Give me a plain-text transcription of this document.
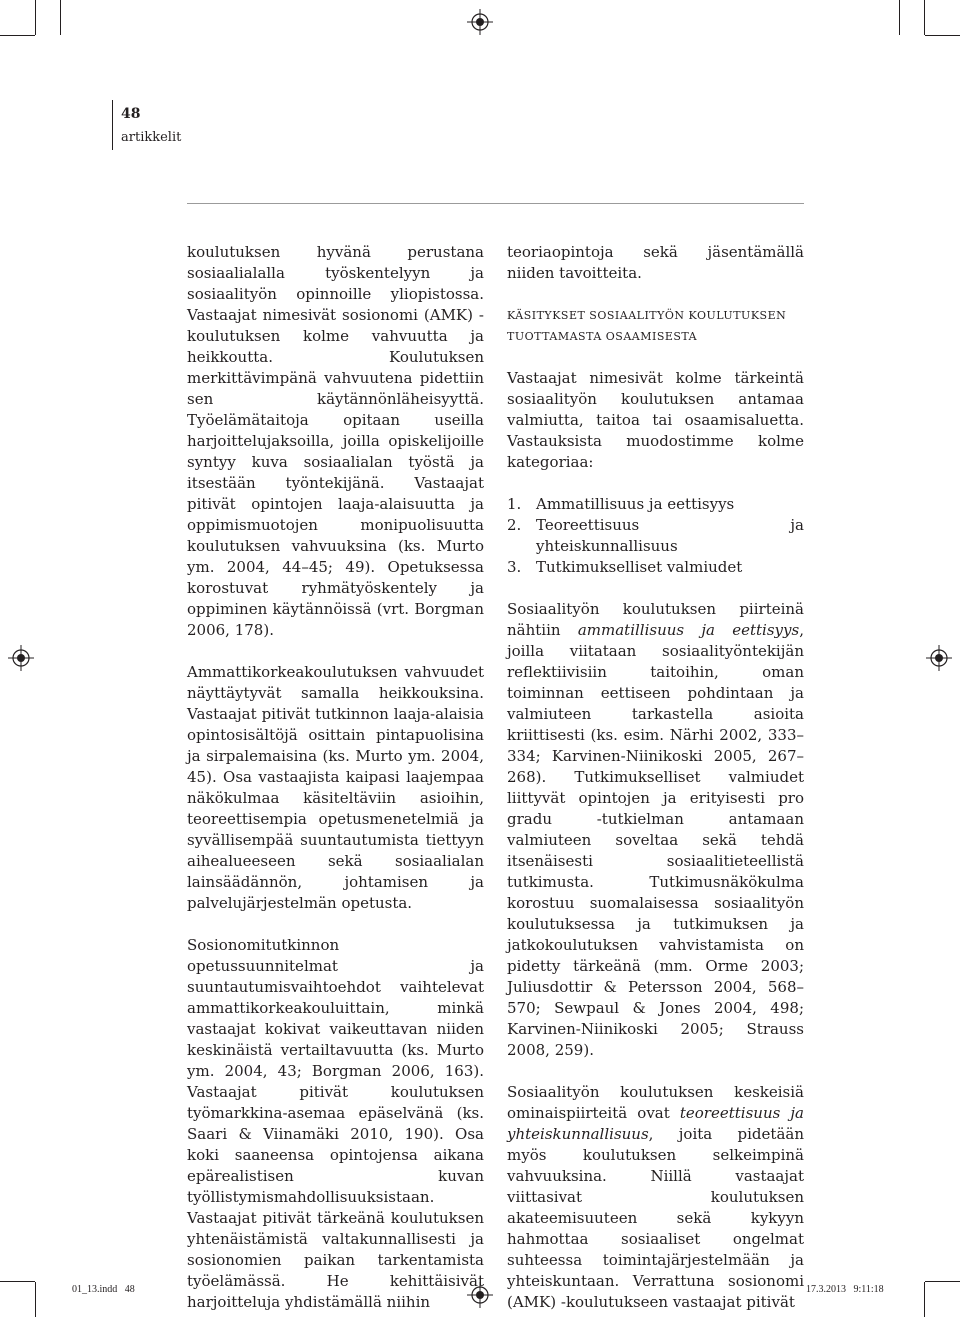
48
artikkelit

koulutuksen hyvänä perustana sosiaalialalla työskentelyyn ja sosiaalityön opinnoille yliopistossa. Vastaajat nimesivät sosionomi (AMK) -koulutuksen kolme vahvuutta ja heikkoutta. Koulutuksen merkittävimpänä vahvuutena pidettiin sen käytännönläheisyyttä. Työelämätaitoja opitaan useilla harjoittelujaksoilla, joilla opiskelijoille syntyy kuva sosiaalialan työstä ja itsestään työntekijänä. Vastaajat pitivät opintojen laaja-alaisuutta ja oppimismuotojen monipuolisuutta koulutuksen vahvuuksina (ks. Murto ym. 2004, 44–45; 49). Opetuksessa korostuvat ryhmätyöskentely ja oppiminen käytännöissä (vrt. Borgman 2006, 178).

Ammattikorkeakoulutuksen vahvuudet näyttäytyvät samalla heikkouksina. Vastaajat pitivät tutkinnon laaja-alaisia opintosisältöjä osittain pintapuolisina ja sirpalemaisina (ks. Murto ym. 2004, 45). Osa vastaajista kaipasi laajempaa näkökulmaa käsiteltäviin asioihin, teoreettisempia opetusmenetelmiä ja syvällisempää suuntautumista tiettyyn aihealueeseen sekä sosiaalialan lainsäädännön, johtamisen ja palvelujärjestelmän opetusta.

Sosionomitutkinnon opetussuunnitelmat ja suuntautumisvaihtoehdot vaihtelevat ammattikorkeakouluittain, minkä vastaajat kokivat vaikeuttavan niiden keskinäistä vertailtavuutta (ks. Murto ym. 2004, 43; Borgman 2006, 163). Vastaajat pitivät koulutuksen työmarkkina-asemaa epäselvänä (ks. Saari & Viinamäki 2010, 190). Osa koki saaneensa opintojensa aikana epärealistisen kuvan työllistymismahdollisuuksistaan. Vastaajat pitivät tärkeänä koulutuksen yhtenäistämistä valtakunnallisesti ja sosionomien paikan tarkentamista työelämässä. He kehittäisivät harjoitteluja yhdistämällä niihin

teoriaopintoja sekä jäsentämällä niiden tavoitteita.

KÄSITYKSET SOSIAALITYÖN KOULUTUKSEN
TUOTTAMASTA OSAAMISESTA

Vastaajat nimesivät kolme tärkeintä sosiaalityön koulutuksen antamaa valmiutta, taitoa tai osaamisaluetta. Vastauksista muodostimme kolme kategoriaa:

1. Ammatillisuus ja eettisyys
2. Teoreettisuus ja yhteiskunnallisuus
3. Tutkimukselliset valmiudet

Sosiaalityön koulutuksen piirteinä nähtiin ammatillisuus ja eettisyys, joilla viitataan sosiaalityöntekijän reflektiivisiin taitoihin, oman toiminnan eettiseen pohdintaan ja valmiuteen tarkastella asioita kriittisesti (ks. esim. Närhi 2002, 333–334; Karvinen-Niinikoski 2005, 267–268). Tutkimukselliset valmiudet liittyvät opintojen ja erityisesti pro gradu -tutkielman antamaan valmiuteen soveltaa sekä tehdä itsenäisesti sosiaalitieteellistä tutkimusta. Tutkimusnäkökulma korostuu suomalaisessa sosiaalityön koulutuksessa ja tutkimuksen ja jatkokoulutuksen vahvistamista on pidetty tärkeänä (mm. Orme 2003; Juliusdottir & Petersson 2004, 568–570; Sewpaul & Jones 2004, 498; Karvinen-Niinikoski 2005; Strauss 2008, 259).

Sosiaalityön koulutuksen keskeisiä ominaispiirteitä ovat teoreettisuus ja yhteiskunnallisuus, joita pidetään myös koulutuksen selkeimpinä vahvuuksina. Niillä vastaajat viittasivat koulutuksen akateemisuuteen sekä kykyyn hahmottaa sosiaaliset ongelmat suhteessa toimintajärjestelmään ja yhteiskuntaan. Verrattuna sosionomi (AMK) -koulutukseen vastaajat pitivät

01_13.indd   48	17.3.2013   9:11:18
